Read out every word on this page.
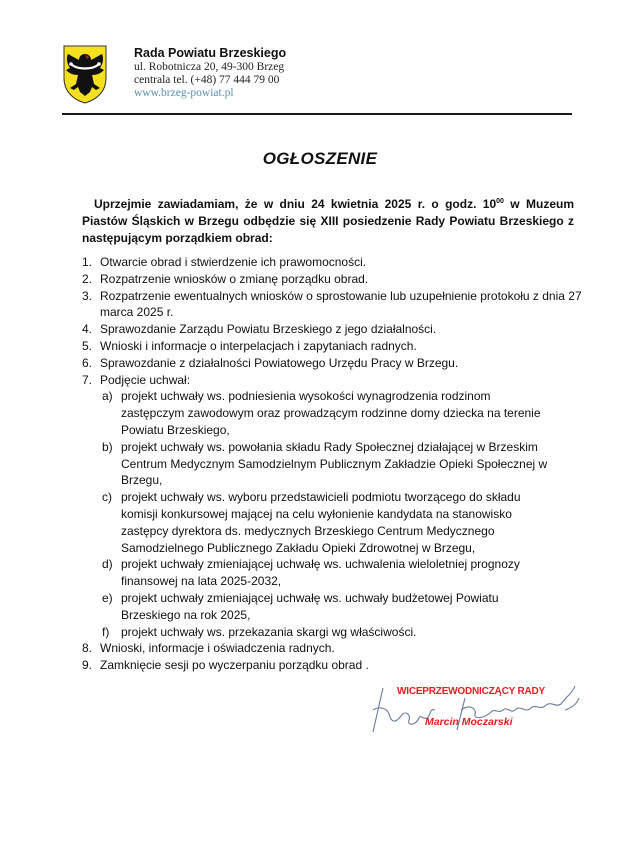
Rada Powiatu Brzeskiego
ul. Robotnicza 20, 49-300 Brzeg
centrala tel. (+48) 77 444 79 00
www.brzeg-powiat.pl
OGŁOSZENIE
Uprzejmie zawiadamiam, że w dniu 24 kwietnia 2025 r. o godz. $10^{00}$ w Muzeum Piastów Śląskich w Brzegu odbędzie się XIII posiedzenie Rady Powiatu Brzeskiego z następującym porządkiem obrad:
1. Otwarcie obrad i stwierdzenie ich prawomocności.
2. Rozpatrzenie wniosków o zmianę porządku obrad.
3. Rozpatrzenie ewentualnych wniosków o sprostowanie lub uzupełnienie protokołu z dnia 27 marca 2025 r.
4. Sprawozdanie Zarządu Powiatu Brzeskiego z jego działalności.
5. Wnioski i informacje o interpelacjach i zapytaniach radnych.
6. Sprawozdanie z działalności Powiatowego Urzędu Pracy w Brzegu.
7. Podjęcie uchwał:
a) projekt uchwały ws. podniesienia wysokości wynagrodzenia rodzinom zastępczym zawodowym oraz prowadzącym rodzinne domy dziecka na terenie Powiatu Brzeskiego,
b) projekt uchwały ws. powołania składu Rady Społecznej działającej w Brzeskim Centrum Medycznym Samodzielnym Publicznym Zakładzie Opieki Społecznej w Brzegu,
c) projekt uchwały ws. wyboru przedstawicieli podmiotu tworzącego do składu komisji konkursowej mającej na celu wyłonienie kandydata na stanowisko zastępcy dyrektora ds. medycznych Brzeskiego Centrum Medycznego Samodzielnego Publicznego Zakładu Opieki Zdrowotnej w Brzegu,
d) projekt uchwały zmieniającej uchwałę ws. uchwalenia wieloletniej prognozy finansowej na lata 2025-2032,
e) projekt uchwały zmieniającej uchwałę ws. uchwały budżetowej Powiatu Brzeskiego na rok 2025,
f) projekt uchwały ws. przekazania skargi wg właściwości.
8. Wnioski, informacje i oświadczenia radnych.
9. Zamknięcie sesji po wyczerpaniu porządku obrad .
WICEPRZEWODNICZĄCY RADY
Marcin Moczarski
